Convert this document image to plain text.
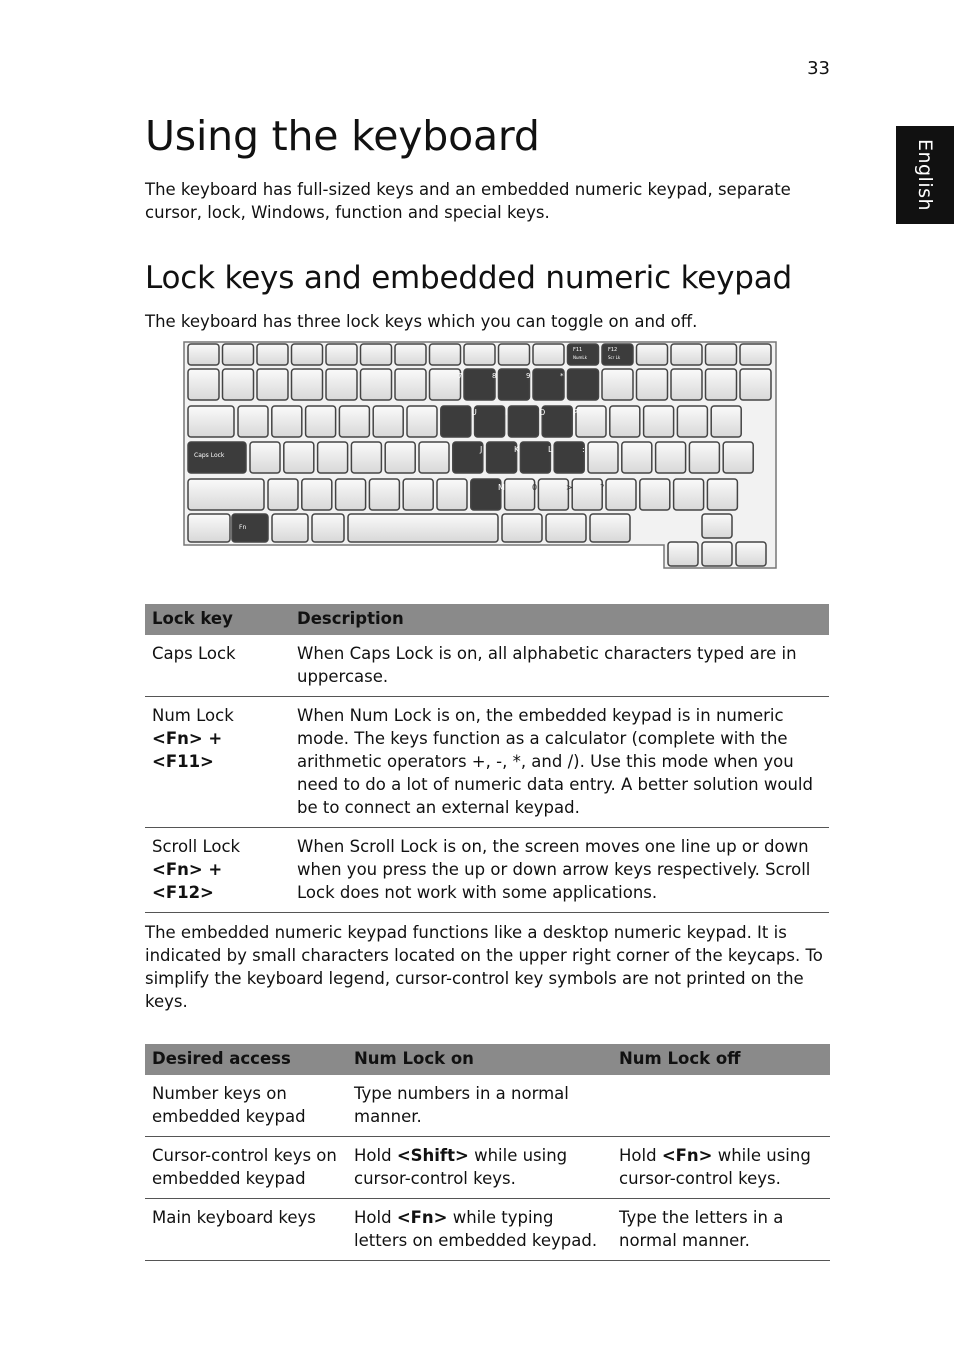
33
English
Using the keyboard

The keyboard has full-sized keys and an embedded numeric keypad, separate cursor, lock, Windows, function and special keys.

Lock keys and embedded numeric keypad

The keyboard has three lock keys which you can toggle on and off.

Caps Lock
Fn
F11
NumLk
F12
Scr Lk
7	8	9	*
U	I	O	P
J	K	L	:
M	0	>	?
Lock key	Description
Caps Lock	When Caps Lock is on, all alphabetic characters typed are in uppercase.

Num Lock
<Fn> + <F11>	When Num Lock is on, the embedded keypad is in numeric mode. The keys function as a calculator (complete with the arithmetic operators +, -, *, and /). Use this mode when you need to do a lot of numeric data entry. A better solution would be to connect an external keypad.

Scroll Lock
<Fn> + <F12>	When Scroll Lock is on, the screen moves one line up or down when you press the up or down arrow keys respectively. Scroll Lock does not work with some applications.

The embedded numeric keypad functions like a desktop numeric keypad. It is indicated by small characters located on the upper right corner of the keycaps. To simplify the keyboard legend, cursor-control key symbols are not printed on the keys.

Desired access	Num Lock on	Num Lock off
Number keys on embedded keypad	Type numbers in a normal manner.	
Cursor-control keys on embedded keypad	Hold <Shift> while using cursor-control keys.	Hold <Fn> while using cursor-control keys.
Main keyboard keys	Hold <Fn> while typing letters on embedded keypad.	Type the letters in a normal manner.
